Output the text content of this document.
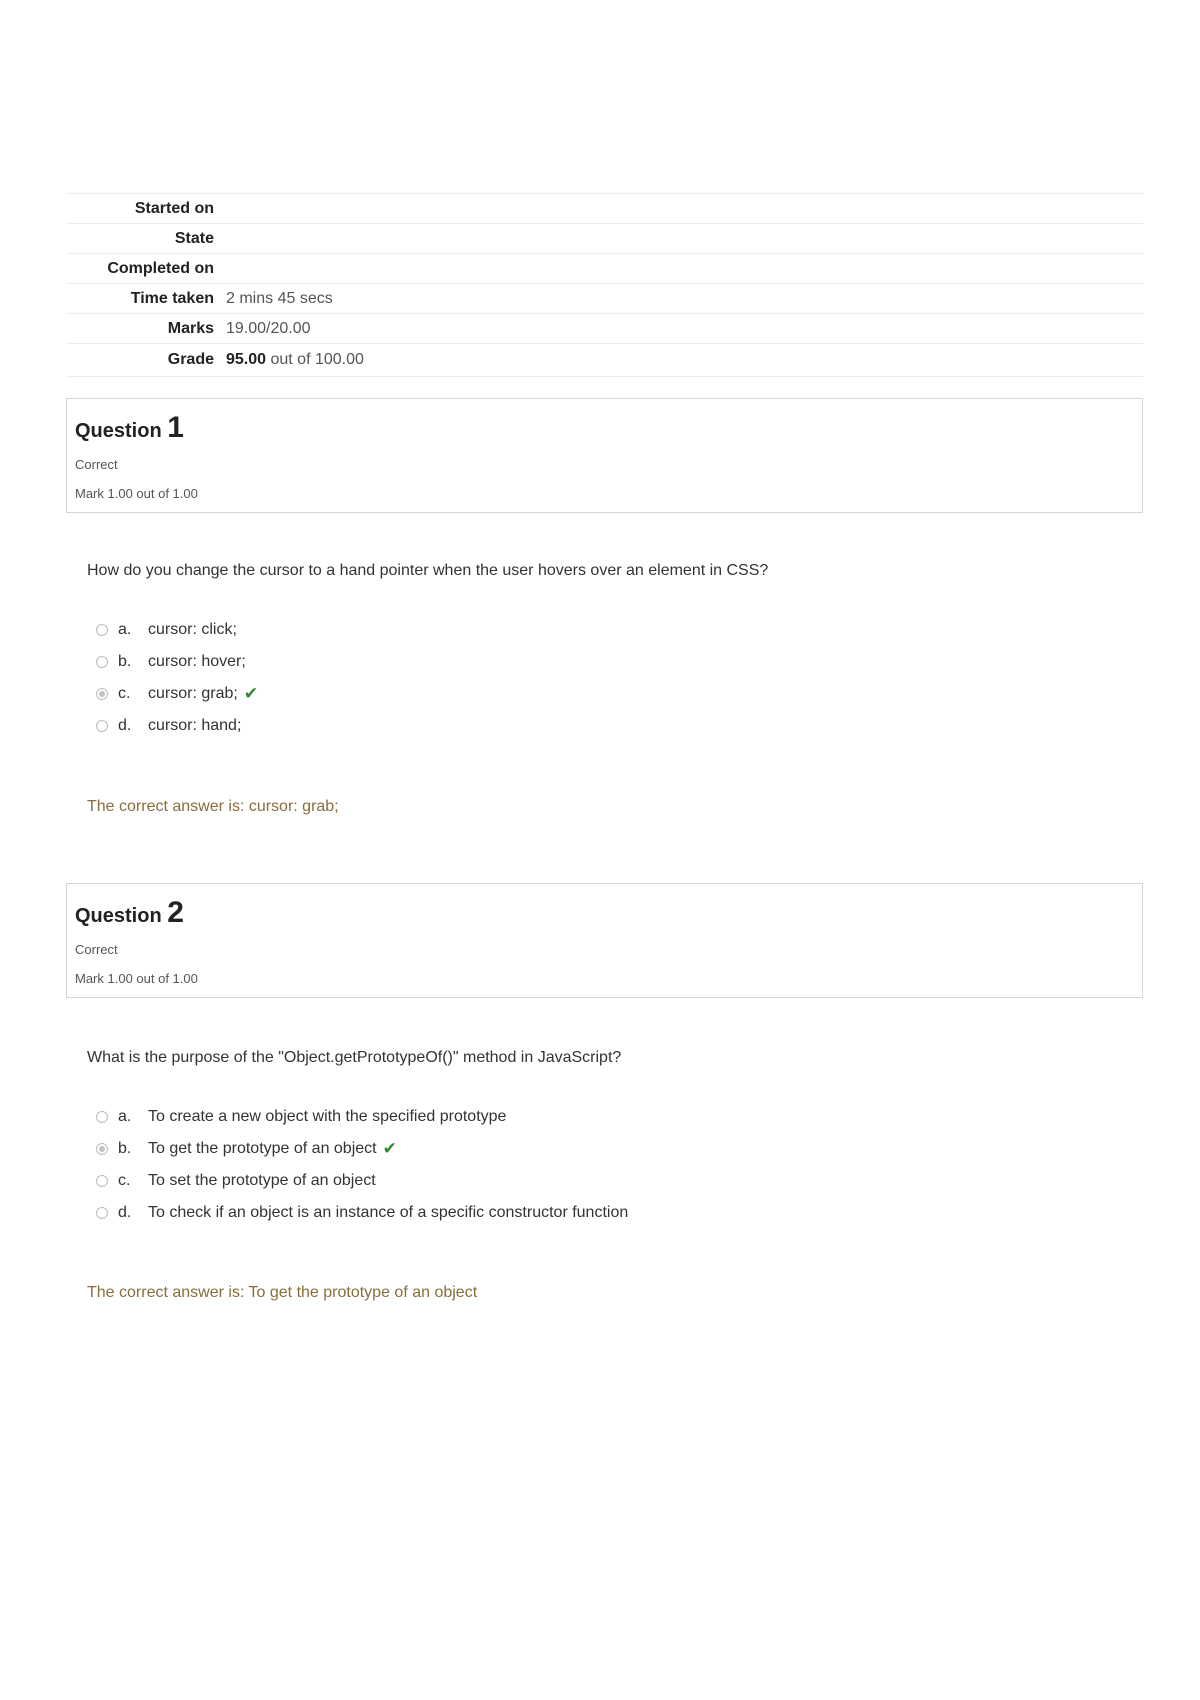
Started on
State
Completed on
Time taken 2 mins 45 secs
Marks 19.00/20.00
Grade 95.00 out of 100.00
Question 1
Correct
Mark 1.00 out of 1.00
How do you change the cursor to a hand pointer when the user hovers over an element in CSS?
a.	cursor: click;
b.	cursor: hover;
c.	cursor: grab; ✔
d.	cursor: hand;
The correct answer is: cursor: grab;
Question 2
Correct
Mark 1.00 out of 1.00
What is the purpose of the "Object.getPrototypeOf()" method in JavaScript?
a.	To create a new object with the specified prototype
b.	To get the prototype of an object ✔
c.	To set the prototype of an object
d.	To check if an object is an instance of a specific constructor function
The correct answer is: To get the prototype of an object
